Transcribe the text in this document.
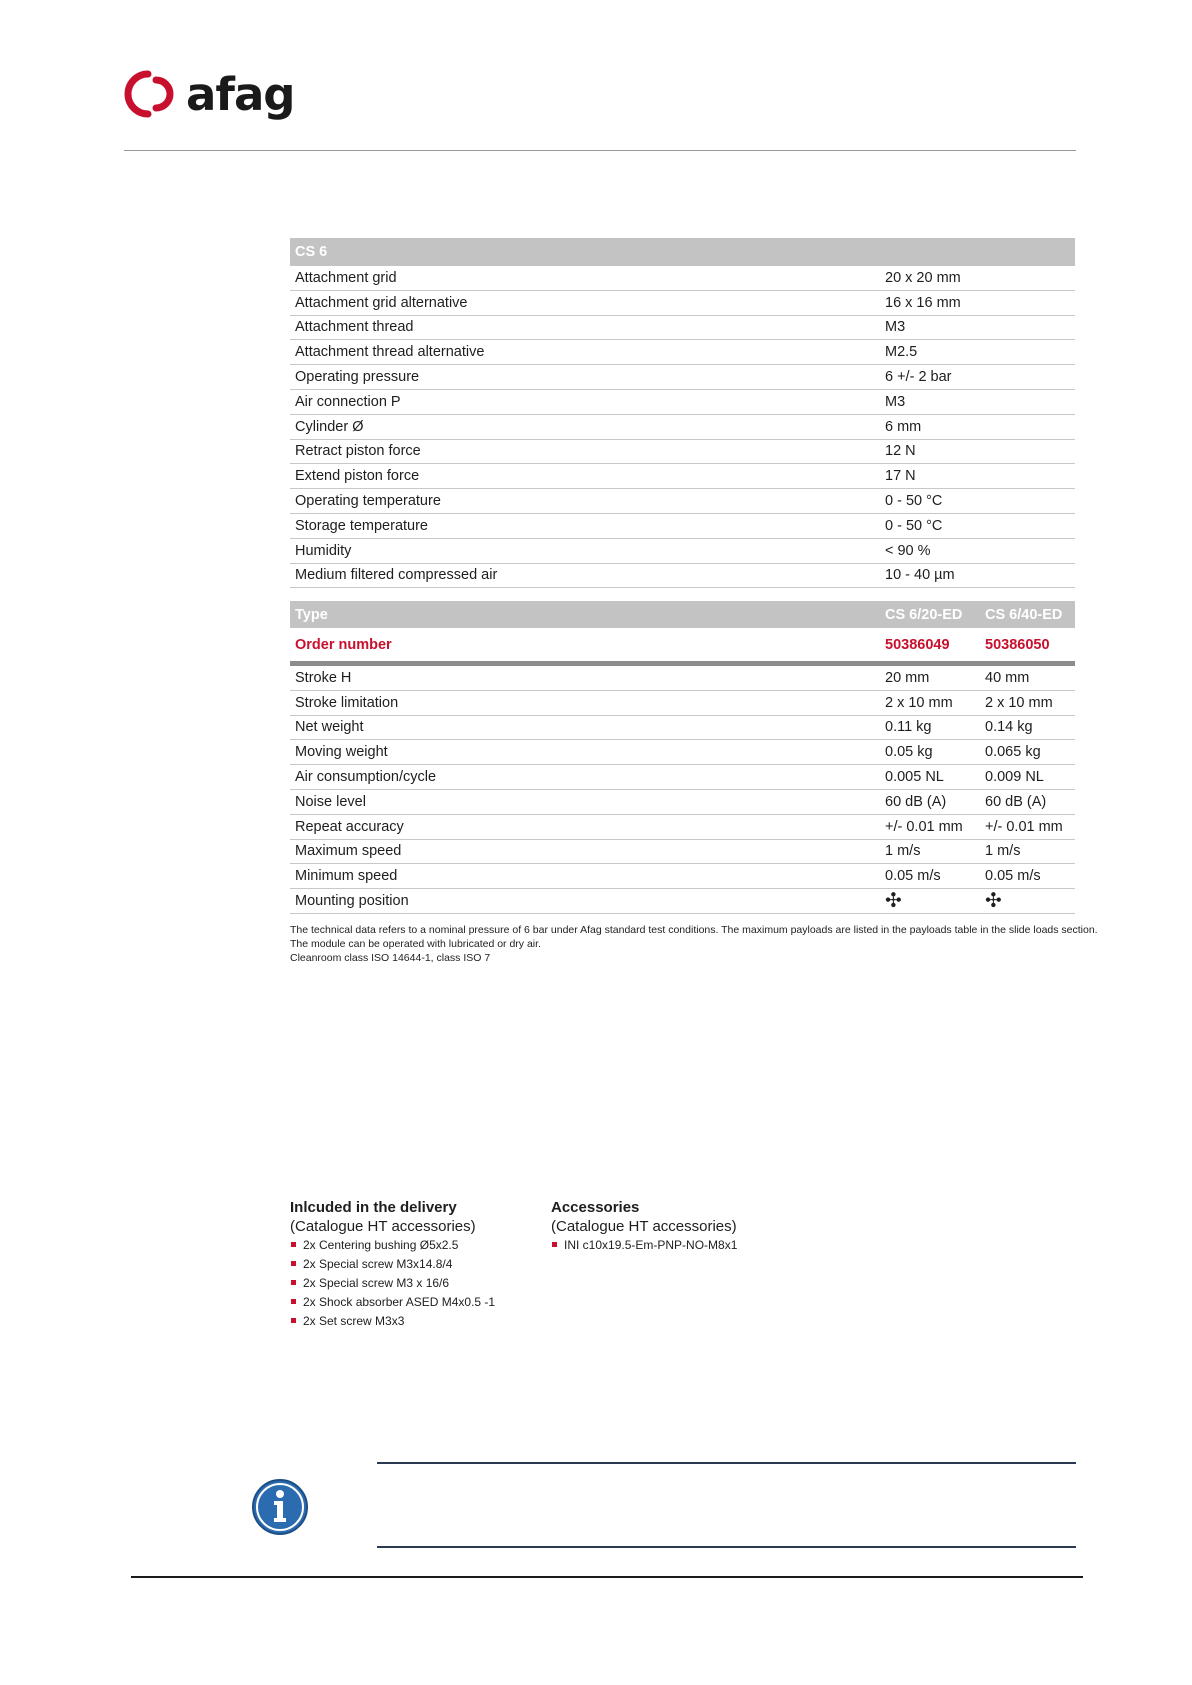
afag
CS 6	
Attachment grid	20 x 20 mm
Attachment grid alternative	16 x 16 mm
Attachment thread	M3
Attachment thread alternative	M2.5
Operating pressure	6 +/- 2 bar
Air connection P	M3
Cylinder Ø	6 mm
Retract piston force	12 N
Extend piston force	17 N
Operating temperature	0 - 50 °C
Storage temperature	0 - 50 °C
Humidity	< 90 %
Medium filtered compressed air	10 - 40 µm
Type	CS 6/20-ED	CS 6/40-ED
Order number	50386049	50386050
Stroke H	20 mm	40 mm
Stroke limitation	2 x 10 mm	2 x 10 mm
Net weight	0.11 kg	0.14 kg
Moving weight	0.05 kg	0.065 kg
Air consumption/cycle	0.005 NL	0.009 NL
Noise level	60 dB (A)	60 dB (A)
Repeat accuracy	+/- 0.01 mm	+/- 0.01 mm
Maximum speed	1 m/s	1 m/s
Minimum speed	0.05 m/s	0.05 m/s
Mounting position	✣	✣
The technical data refers to a nominal pressure of 6 bar under Afag standard test conditions. The maximum payloads are listed in the payloads table in the slide loads section.
The module can be operated with lubricated or dry air.
Cleanroom class ISO 14644-1, class ISO 7
Inlcuded in the delivery
(Catalogue HT accessories)
2x Centering bushing Ø5x2.5
2x Special screw M3x14.8/4
2x Special screw M3 x 16/6
2x Shock absorber ASED M4x0.5 -1
2x Set screw M3x3
Accessories
(Catalogue HT accessories)
INI c10x19.5-Em-PNP-NO-M8x1
